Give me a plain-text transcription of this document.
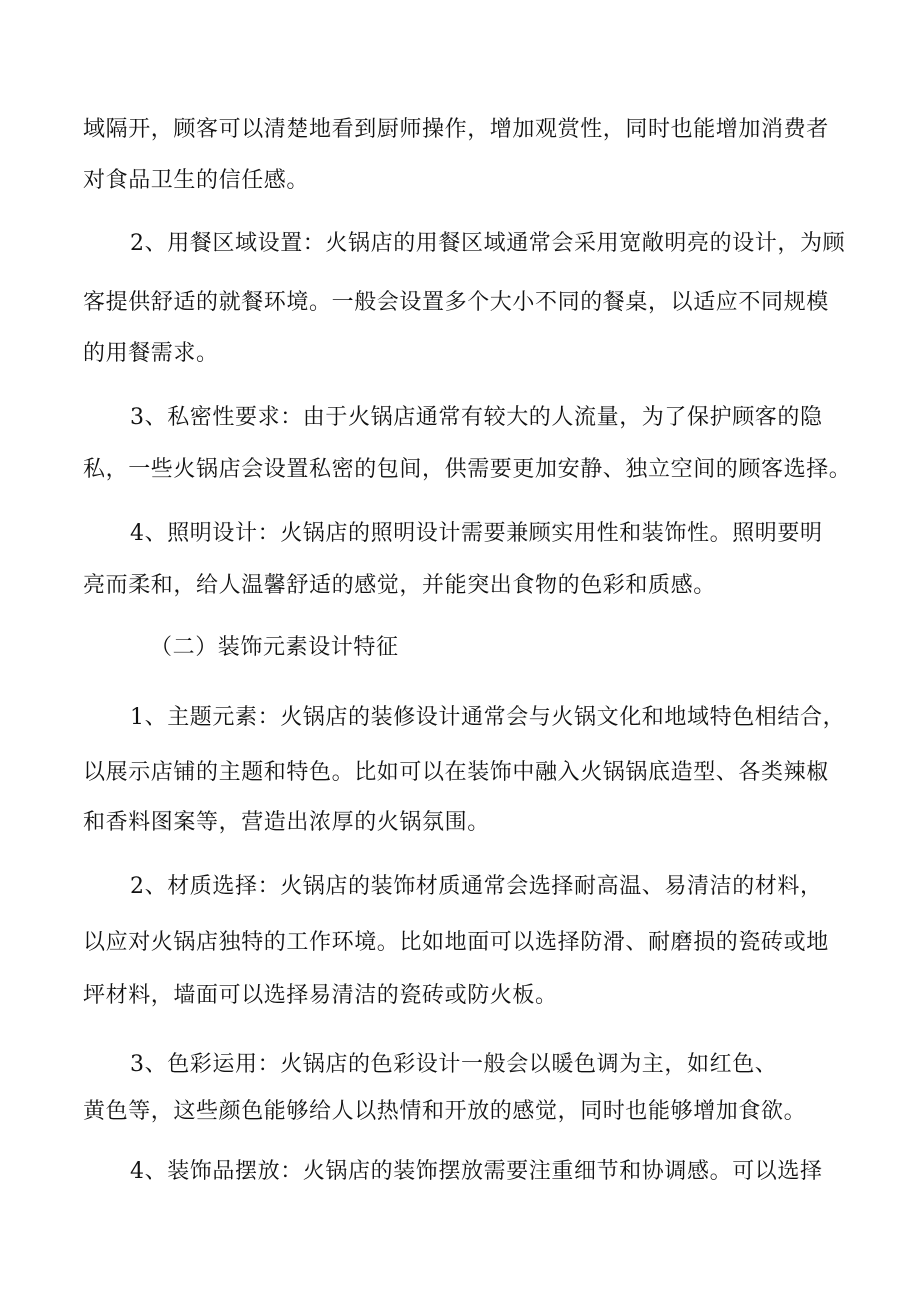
域隔开，顾客可以清楚地看到厨师操作，增加观赏性，同时也能增加消费者
对食品卫生的信任感。
2、用餐区域设置：火锅店的用餐区域通常会采用宽敞明亮的设计，为顾
客提供舒适的就餐环境。一般会设置多个大小不同的餐桌，以适应不同规模
的用餐需求。
3、私密性要求：由于火锅店通常有较大的人流量，为了保护顾客的隐
私，一些火锅店会设置私密的包间，供需要更加安静、独立空间的顾客选择。
4、照明设计：火锅店的照明设计需要兼顾实用性和装饰性。照明要明
亮而柔和，给人温馨舒适的感觉，并能突出食物的色彩和质感。
（二）装饰元素设计特征
1、主题元素：火锅店的装修设计通常会与火锅文化和地域特色相结合，
以展示店铺的主题和特色。比如可以在装饰中融入火锅锅底造型、各类辣椒
和香料图案等，营造出浓厚的火锅氛围。
2、材质选择：火锅店的装饰材质通常会选择耐高温、易清洁的材料，
以应对火锅店独特的工作环境。比如地面可以选择防滑、耐磨损的瓷砖或地
坪材料，墙面可以选择易清洁的瓷砖或防火板。
3、色彩运用：火锅店的色彩设计一般会以暖色调为主，如红色、
黄色等，这些颜色能够给人以热情和开放的感觉，同时也能够增加食欲。
4、装饰品摆放：火锅店的装饰摆放需要注重细节和协调感。可以选择
